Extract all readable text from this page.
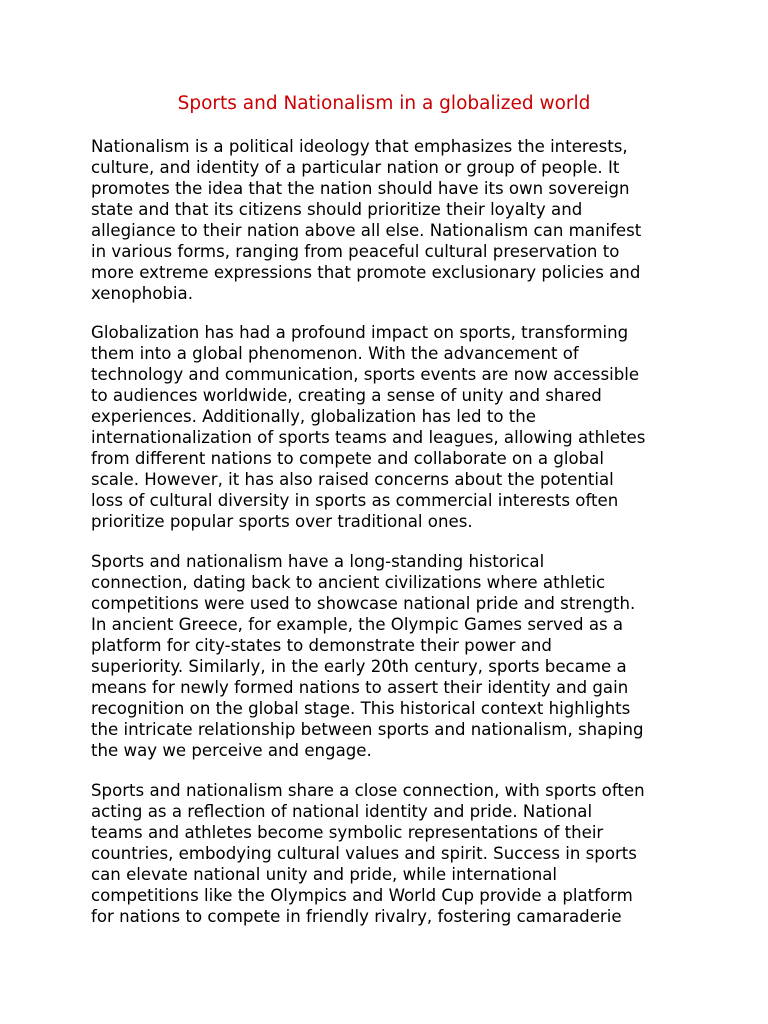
Sports and Nationalism in a globalized world
Nationalism is a political ideology that emphasizes the interests,
culture, and identity of a particular nation or group of people. It
promotes the idea that the nation should have its own sovereign
state and that its citizens should prioritize their loyalty and
allegiance to their nation above all else. Nationalism can manifest
in various forms, ranging from peaceful cultural preservation to
more extreme expressions that promote exclusionary policies and
xenophobia.
Globalization has had a profound impact on sports, transforming
them into a global phenomenon. With the advancement of
technology and communication, sports events are now accessible
to audiences worldwide, creating a sense of unity and shared
experiences. Additionally, globalization has led to the
internationalization of sports teams and leagues, allowing athletes
from different nations to compete and collaborate on a global
scale. However, it has also raised concerns about the potential
loss of cultural diversity in sports as commercial interests often
prioritize popular sports over traditional ones.
Sports and nationalism have a long-standing historical
connection, dating back to ancient civilizations where athletic
competitions were used to showcase national pride and strength.
In ancient Greece, for example, the Olympic Games served as a
platform for city-states to demonstrate their power and
superiority. Similarly, in the early 20th century, sports became a
means for newly formed nations to assert their identity and gain
recognition on the global stage. This historical context highlights
the intricate relationship between sports and nationalism, shaping
the way we perceive and engage.
Sports and nationalism share a close connection, with sports often
acting as a reflection of national identity and pride. National
teams and athletes become symbolic representations of their
countries, embodying cultural values and spirit. Success in sports
can elevate national unity and pride, while international
competitions like the Olympics and World Cup provide a platform
for nations to compete in friendly rivalry, fostering camaraderie
